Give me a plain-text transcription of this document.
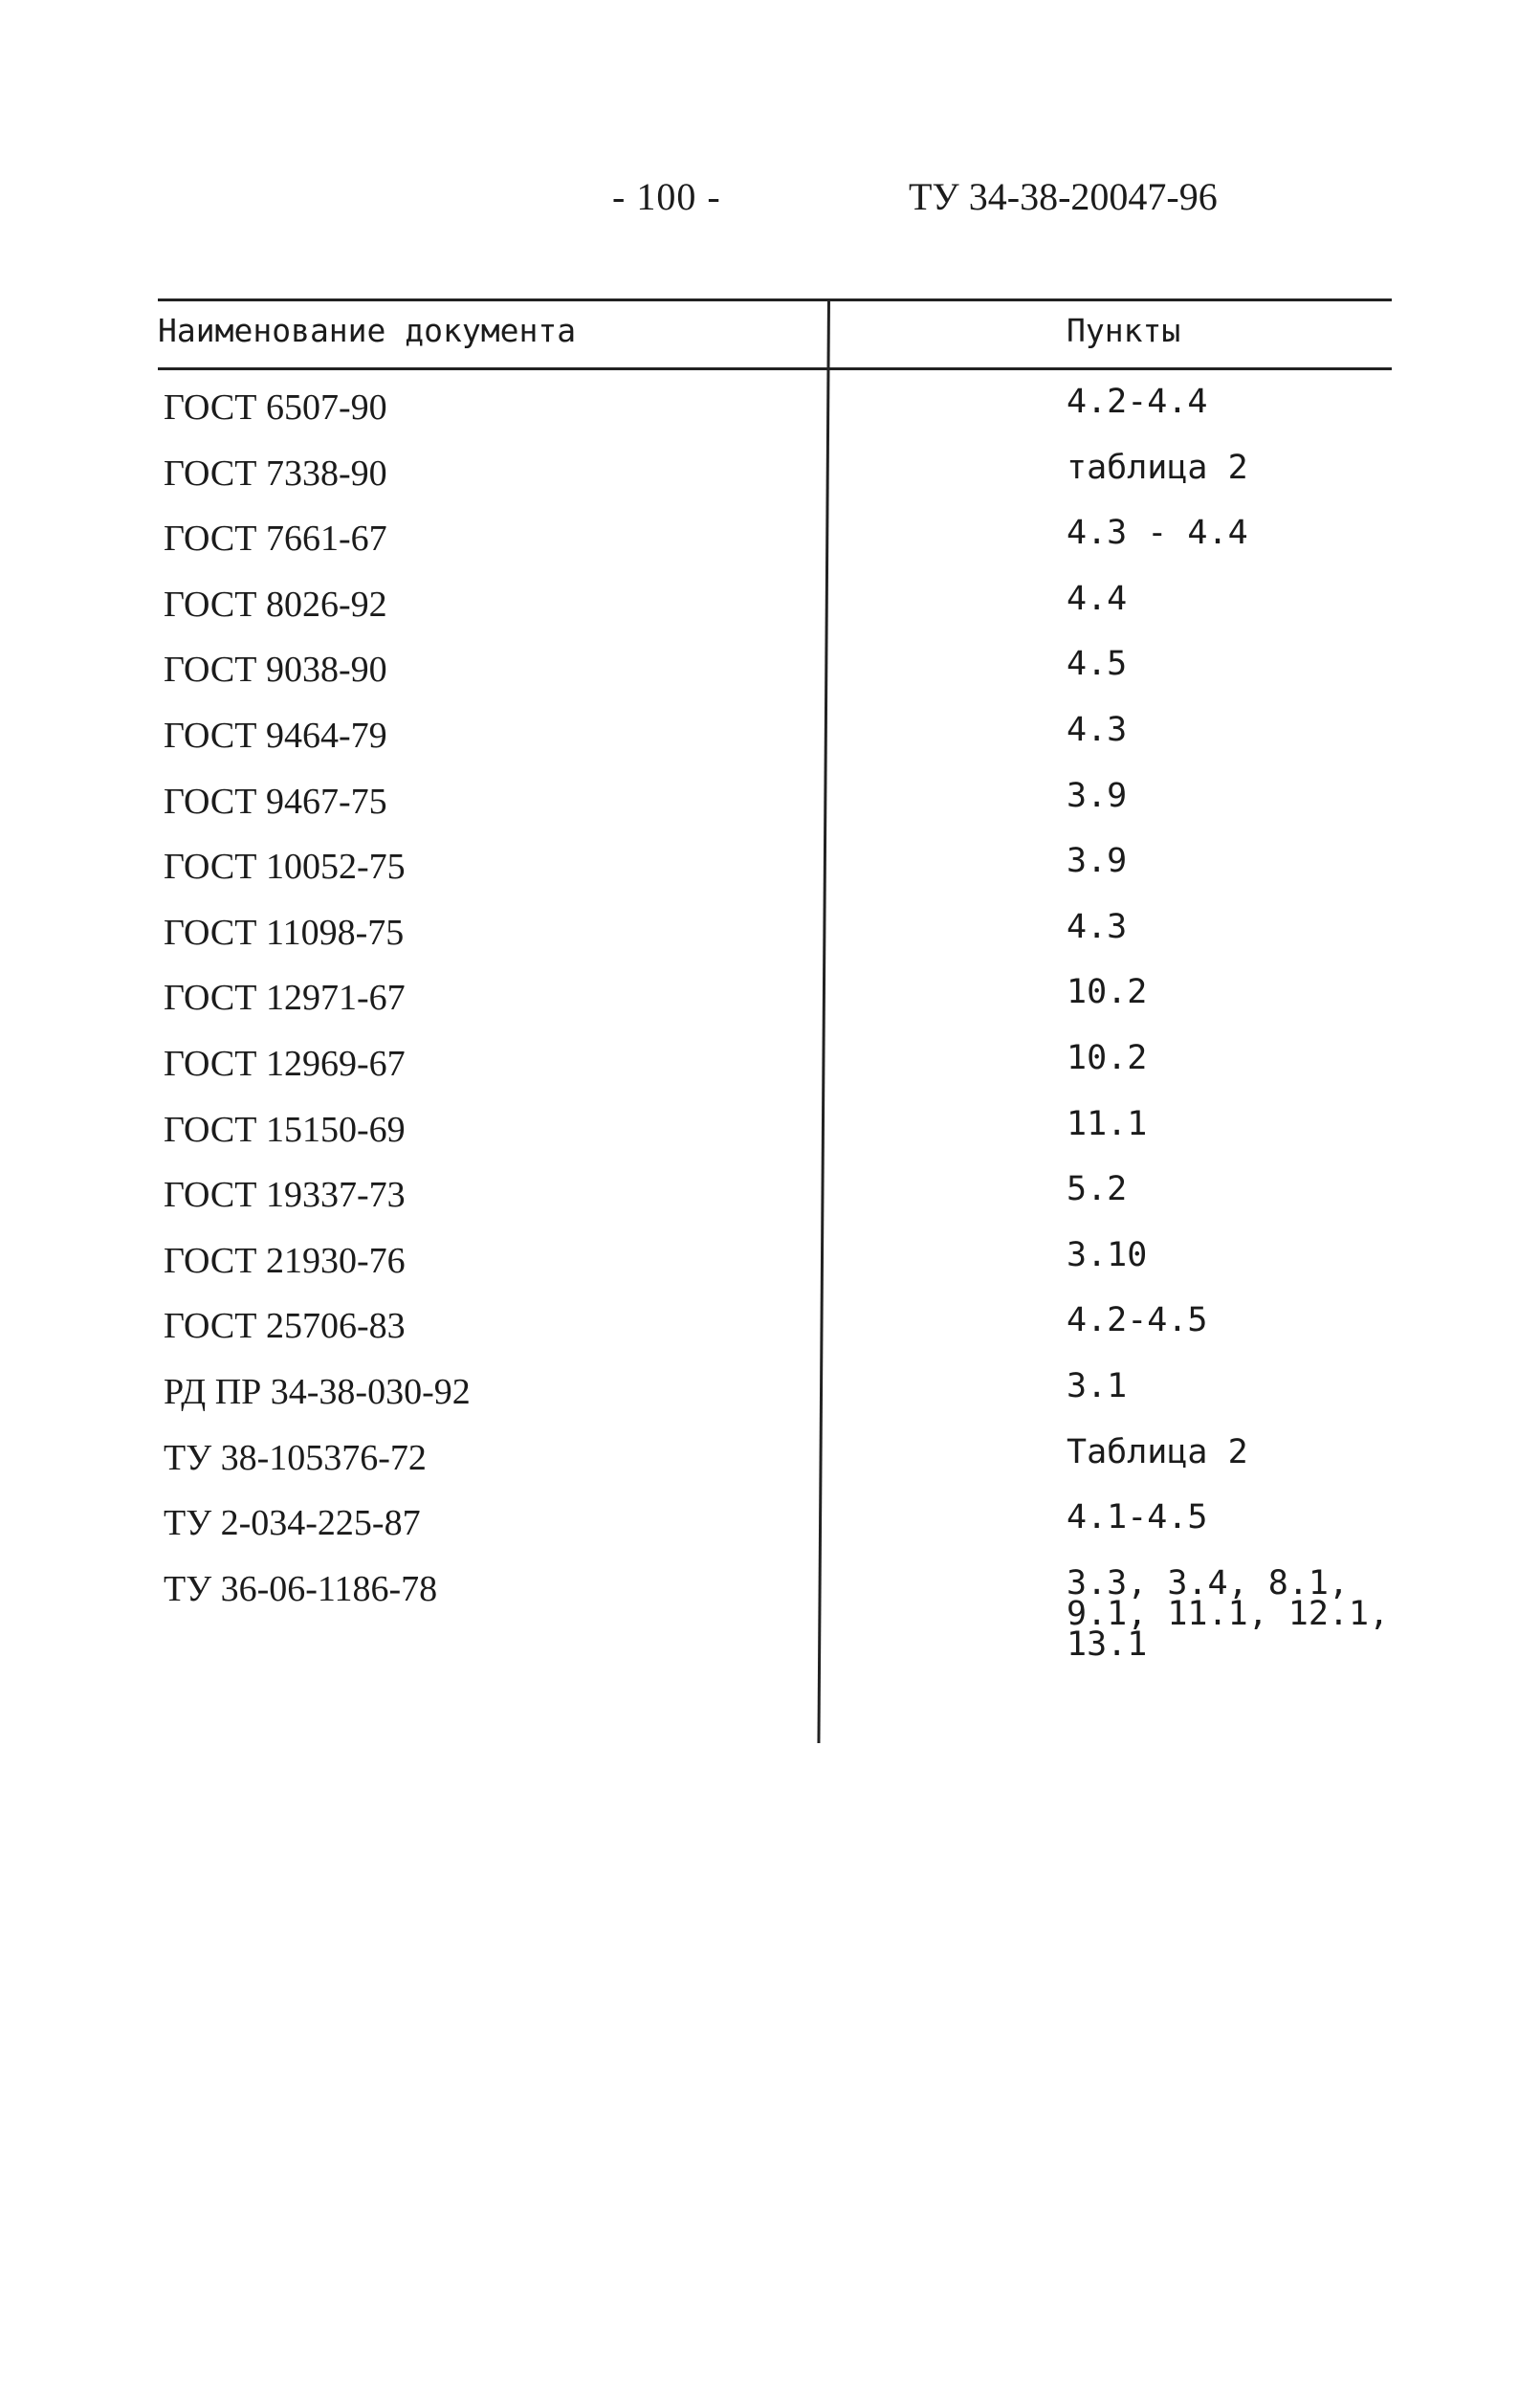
- 100 -	ТУ 34-38-20047-96
Наименование документа	Пункты
ГОСТ 6507-90	4.2-4.4
ГОСТ 7338-90	таблица 2
ГОСТ 7661-67	4.3 - 4.4
ГОСТ 8026-92	4.4
ГОСТ 9038-90	4.5
ГОСТ 9464-79	4.3
ГОСТ 9467-75	3.9
ГОСТ 10052-75	3.9
ГОСТ 11098-75	4.3
ГОСТ 12971-67	10.2
ГОСТ 12969-67	10.2
ГОСТ 15150-69	11.1
ГОСТ 19337-73	5.2
ГОСТ 21930-76	3.10
ГОСТ 25706-83	4.2-4.5
РД ПР 34-38-030-92	3.1
ТУ 38-105376-72	Таблица 2
ТУ 2-034-225-87	4.1-4.5
ТУ 36-06-1186-78	3.3, 3.4, 8.1,
9.1, 11.1, 12.1,
13.1
